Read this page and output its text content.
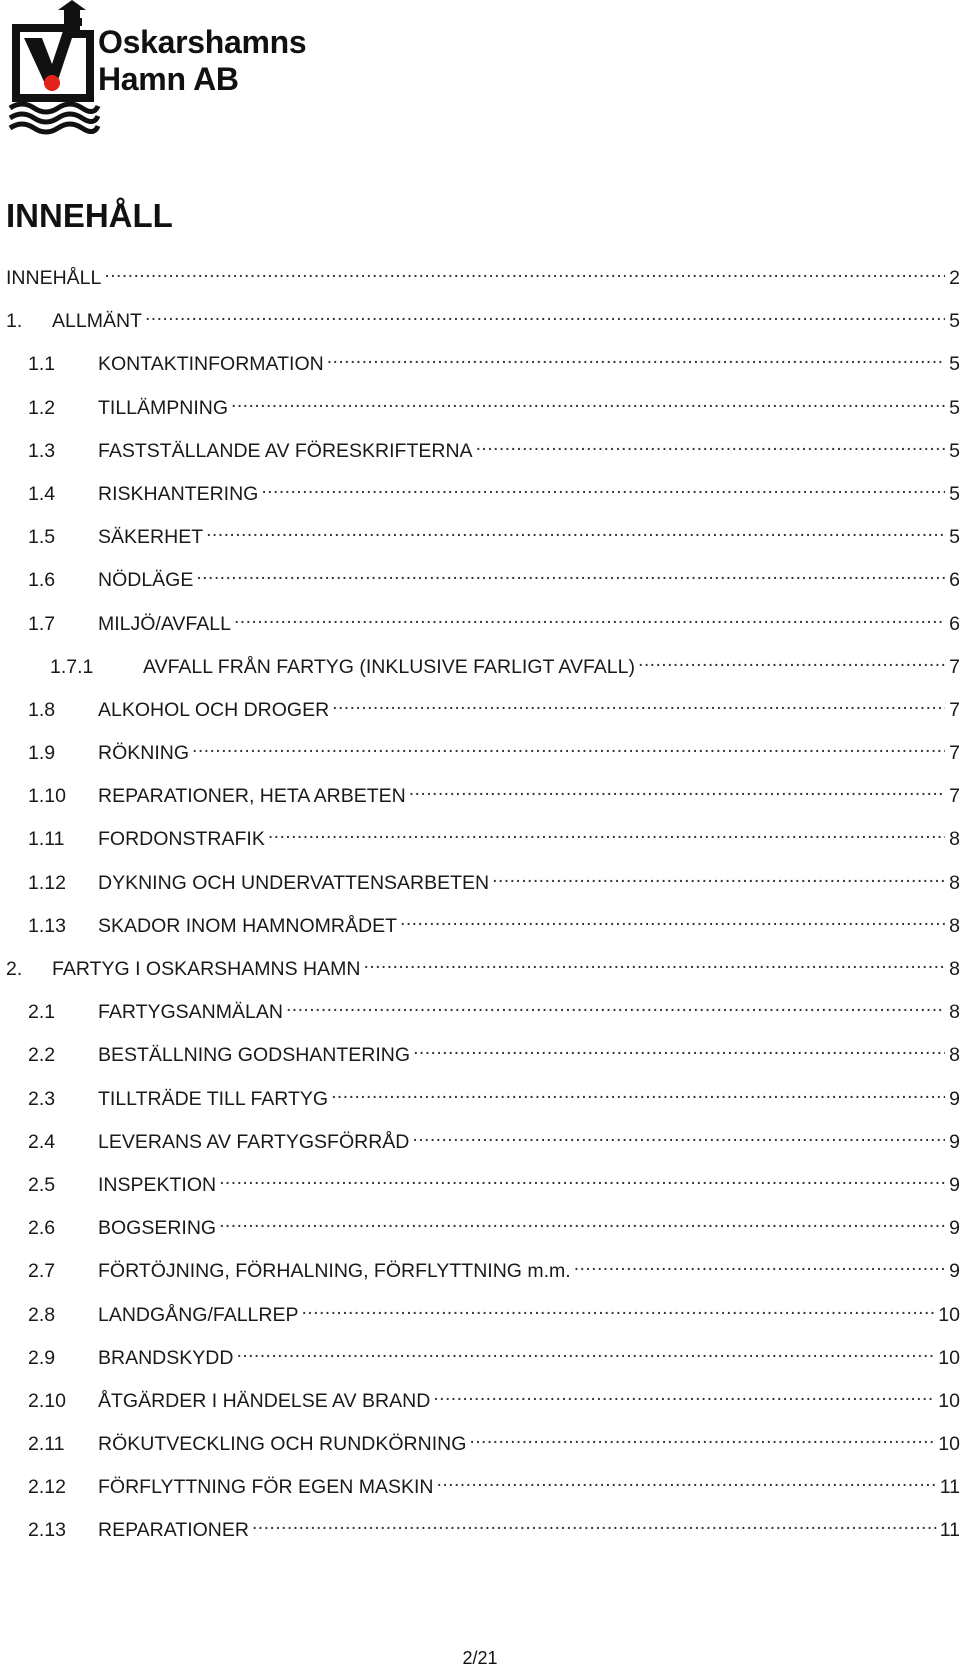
Oskarshamns
Hamn AB
INNEHÅLL
INNEHÅLL .....	2
1.	ALLMÄNT .....	5
1.1	KONTAKTINFORMATION .....	5
1.2	TILLÄMPNING .....	5
1.3	FASTSTÄLLANDE AV FÖRESKRIFTERNA .....	5
1.4	RISKHANTERING .....	5
1.5	SÄKERHET .....	5
1.6	NÖDLÄGE .....	6
1.7	MILJÖ/AVFALL .....	6
1.7.1	AVFALL FRÅN FARTYG (INKLUSIVE FARLIGT AVFALL) .....	7
1.8	ALKOHOL OCH DROGER .....	7
1.9	RÖKNING .....	7
1.10	REPARATIONER, HETA ARBETEN .....	7
1.11	FORDONSTRAFIK .....	8
1.12	DYKNING OCH UNDERVATTENSARBETEN .....	8
1.13	SKADOR INOM HAMNOMRÅDET .....	8
2.	FARTYG I OSKARSHAMNS HAMN .....	8
2.1	FARTYGSANMÄLAN .....	8
2.2	BESTÄLLNING GODSHANTERING .....	8
2.3	TILLTRÄDE TILL FARTYG .....	9
2.4	LEVERANS AV FARTYGSFÖRRÅD .....	9
2.5	INSPEKTION .....	9
2.6	BOGSERING .....	9
2.7	FÖRTÖJNING, FÖRHALNING, FÖRFLYTTNING m.m. .....	9
2.8	LANDGÅNG/FALLREP .....	10
2.9	BRANDSKYDD .....	10
2.10	ÅTGÄRDER I HÄNDELSE AV BRAND .....	10
2.11	RÖKUTVECKLING OCH RUNDKÖRNING .....	10
2.12	FÖRFLYTTNING FÖR EGEN MASKIN .....	11
2.13	REPARATIONER .....	11
2/21
